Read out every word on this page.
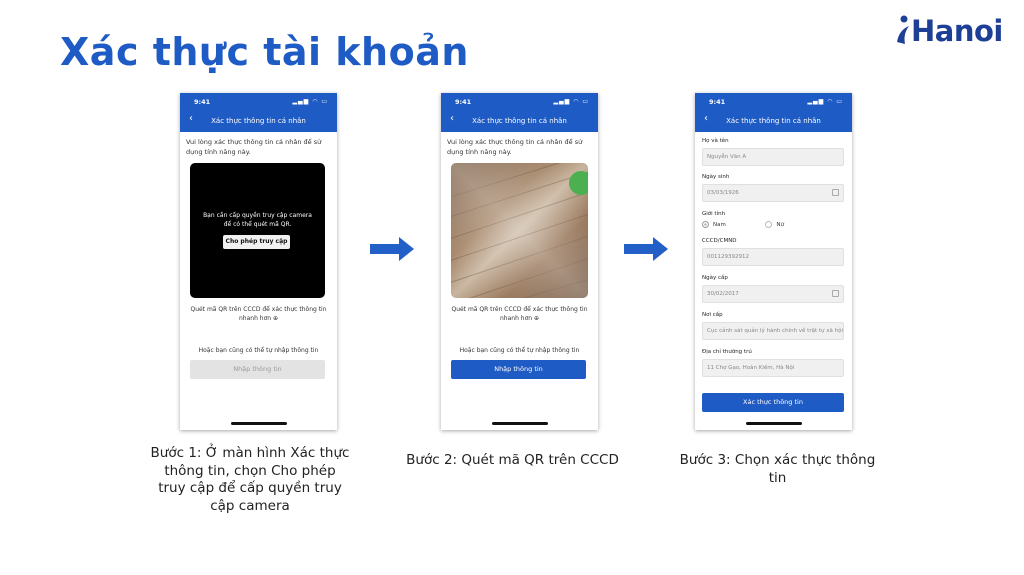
Xác thực tài khoản	Hanoi
9:41	▂▄▆ ◠ ▭
‹	Xác thực thông tin cá nhân
Vui lòng xác thực thông tin cá nhân để sử dụng tính năng này.
Bạn cần cấp quyền truy cập camera để có thể quét mã QR.
Cho phép truy cập
Quét mã QR trên CCCD để xác thực thông tin nhanh hơn ⊕
Hoặc bạn cũng có thể tự nhập thông tin
Nhập thông tin
9:41	▂▄▆ ◠ ▭
‹	Xác thực thông tin cá nhân
Vui lòng xác thực thông tin cá nhân để sử dụng tính năng này.
Quét mã QR trên CCCD để xác thực thông tin nhanh hơn ⊕
Hoặc bạn cũng có thể tự nhập thông tin
Nhập thông tin
9:41	▂▄▆ ◠ ▭
‹	Xác thực thông tin cá nhân
Họ và tên
Nguyễn Văn A
Ngày sinh
03/03/1926
Giới tính
Nam	Nữ
CCCD/CMND
001129392912
Ngày cấp
30/02/2017
Nơi cấp
Cục cảnh sát quản lý hành chính về trật tự xã hội
Địa chỉ thường trú
11 Chợ Gạo, Hoàn Kiếm, Hà Nội
Xác thực thông tin
Bước 1: Ở màn hình Xác thực thông tin, chọn Cho phép truy cập để cấp quyền truy cập camera
Bước 2: Quét mã QR trên CCCD	Bước 3: Chọn xác thực thông tin
